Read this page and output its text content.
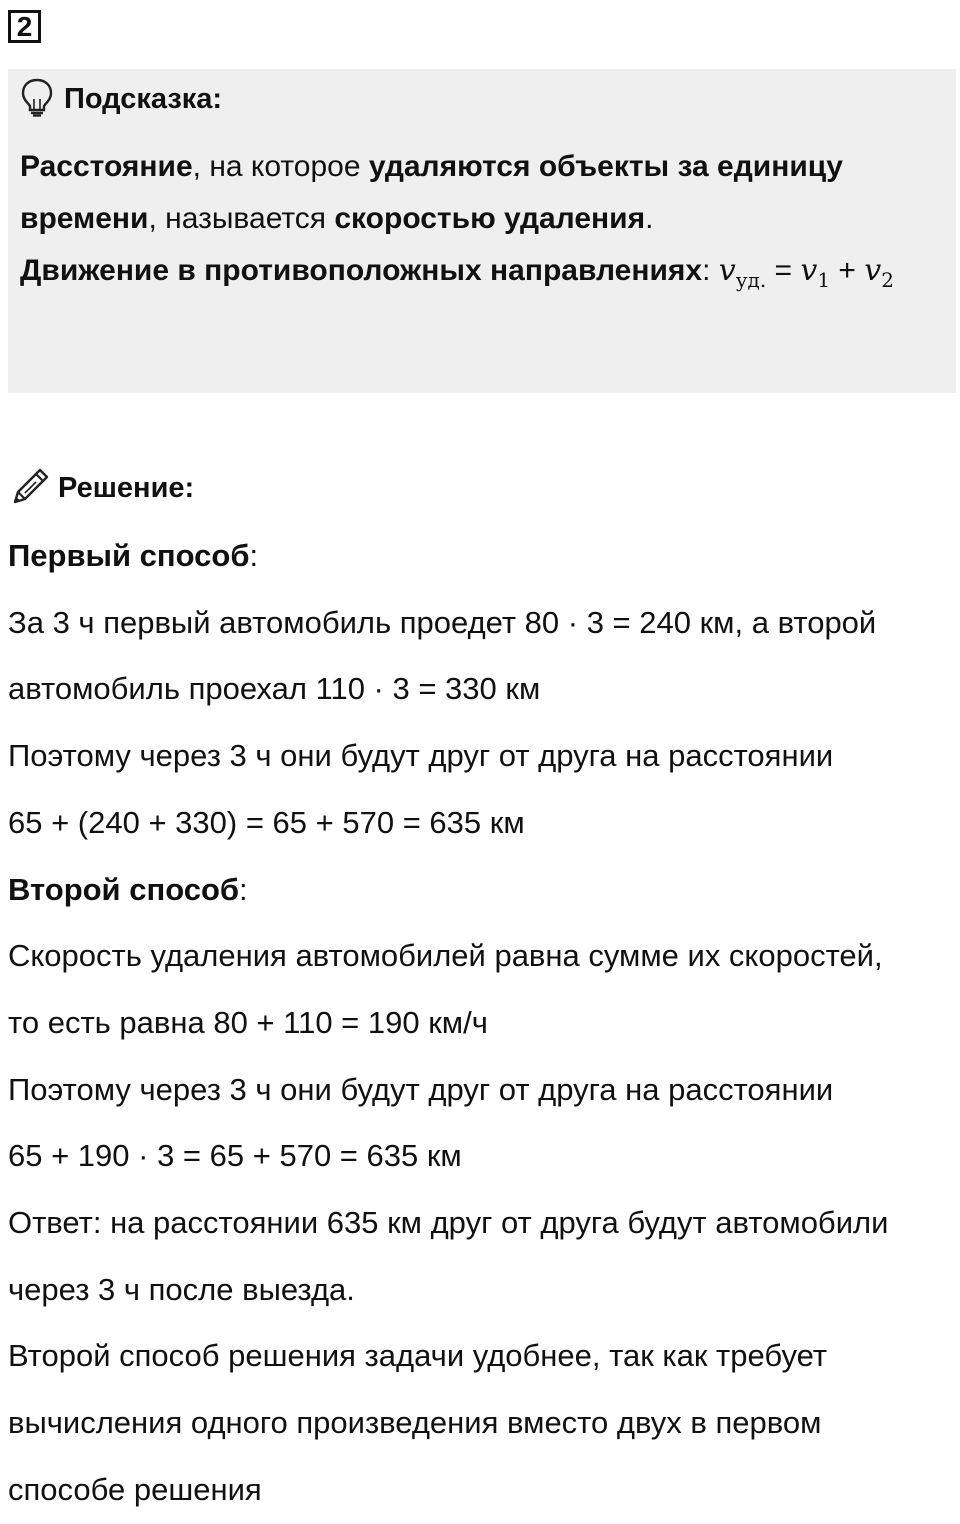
2
Подсказка:
Расстояние, на которое удаляются объекты за единицу времени, называется скоростью удаления.
Движение в противоположных направлениях: $v_{уд.} = v_1 + v_2$
Решение:
Первый способ:
За 3 ч первый автомобиль проедет 80 · 3 = 240 км, а второй
автомобиль проехал 110 · 3 = 330 км
Поэтому через 3 ч они будут друг от друга на расстоянии
65 + (240 + 330) = 65 + 570 = 635 км
Второй способ:
Скорость удаления автомобилей равна сумме их скоростей,
то есть равна 80 + 110 = 190 км/ч
Поэтому через 3 ч они будут друг от друга на расстоянии
65 + 190 · 3 = 65 + 570 = 635 км
Ответ: на расстоянии 635 км друг от друга будут автомобили
через 3 ч после выезда.
Второй способ решения задачи удобнее, так как требует
вычисления одного произведения вместо двух в первом
способе решения
